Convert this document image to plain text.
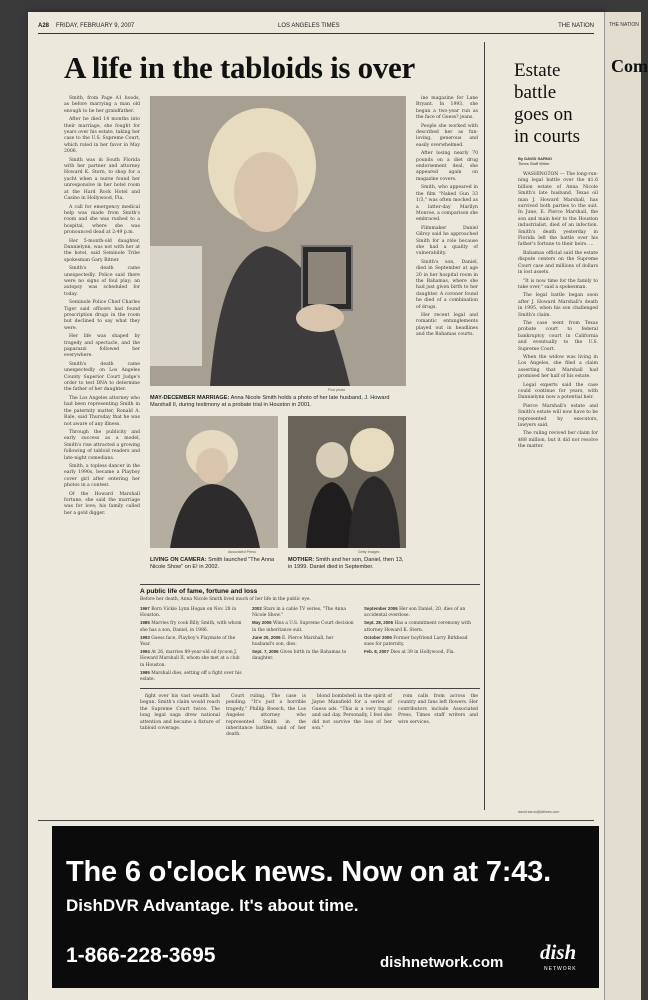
A28 FRIDAY, FEBRUARY 9, 2007	LOS ANGELES TIMES	THE NATION
A life in the tabloids is over	Estate
battle
goes on
in courts
By DAVID SARNO
Times Staff Writer

WASHINGTON — The long-run-ning legal battle over the $1.6 billion estate of Anna Nicole Smith's late husband, Texas oil man J. Howard Marshall, has survived both parties to the suit. In June, E. Pierce Marshall, the son and main heir to the Houston industrialist, died of an infection. Smith's death yesterday in Florida left the battle over his father's fortune to their heirs. ...

Bahamas official said the estate dispute centers on the Supreme Court case and millions of dollars in lost assets.

"It is now time for the family to take over," said a spokesman.

The legal battle began soon after J. Howard Marshall's death in 1995, when his son challenged Smith's claim.

The case went from Texas probate court to federal bankruptcy court in California and eventually to the U.S. Supreme Court.

When the widow was living in Los Angeles, she filed a claim asserting that Marshall had promised her half of his estate.

Legal experts said the case could continue for years, with Dannielynn now a potential heir.

Pierce Marshall's estate and Smith's estate will now have to be represented by executors, lawyers said.

The ruling revived her claim for $88 million, but it did not resolve the matter.

david.sarno@latimes.com

Smith, from Page A1 hoods, as before marrying a man old enough to be her grandfather.

After he died 14 months into their marriage, she fought for years over his estate, taking her case to the U.S. Supreme Court, which ruled in her favor in May 2006.

Smith was in South Florida with her partner and attorney Howard K. Stern, to shop for a yacht when a nurse found her unresponsive in her hotel room at the Hard Rock Hotel and Casino in Hollywood, Fla.

A call for emergency medical help was made from Smith's room and she was rushed to a hospital, where she was pronounced dead at 2:49 p.m.

Her 5-month-old daughter, Dannielynn, was not with her at the hotel, said Seminole Tribe spokesman Gary Bitner.

Smith's death came unexpectedly. Police said there were no signs of foul play; an autopsy was scheduled for today.

Seminole Police Chief Charles Tiger said officers had found prescription drugs in the room but declined to say what they were.

Her life was shaped by tragedy and spectacle, and the paparazzi followed her everywhere.

Smith's death came unexpectedly on Los Angeles County Superior Court Judge's order to test DNA to determine the father of her daughter.

The Los Angeles attorney who had been representing Smith in the paternity matter, Ronald A. Rale, said Thursday that he was not aware of any illness.

Through the publicity and early success as a model, Smith's rise attracted a growing following of tabloid readers and late-night comedians.

Smith, a topless dancer in the early 1990s, became a Playboy cover girl after entering her photos in a contest.

Of the Howard Marshall fortune, she said the marriage was for love; his family called her a gold digger.

Pool photo
MAY-DECEMBER MARRIAGE: Anna Nicole Smith holds a photo of her late husband, J. Howard Marshall II, during testimony at a probate trial in Houston in 2001.

ine magazine for Lane Bryant. In 1993, she began a two-year run as the face of Guess? jeans.

People she worked with described her as fun-loving, generous and easily overwhelmed.

After losing nearly 70 pounds on a diet drug endorsement deal, she appeared again on magazine covers.

Smith, who appeared in the film "Naked Gun 33 1/3," was often mocked as a latter-day Marilyn Monroe, a comparison she embraced.

Filmmaker Daniel Gilroy said he approached Smith for a role because she had a quality of vulnerability.

Smith's son, Daniel, died in September at age 20 in her hospital room in the Bahamas, where she had just given birth to her daughter. A coroner found he died of a combination of drugs.

Her recent legal and romantic entanglements played out in headlines and the Bahamas courts.

Associated Press
LIVING ON CAMERA: Smith launched "The Anna Nicole Show" on E! in 2002.
Getty Images
MOTHER: Smith and her son, Daniel, then 13, in 1999. Daniel died in September.
A public life of fame, fortune and loss
Before her death, Anna Nicole Smith lived much of her life in the public eye.

1967 Born Vickie Lynn Hogan on Nov. 28 in Houston.

1985 Marries fry cook Billy Smith, with whom she has a son, Daniel, in 1986.

1993 Guess face, Playboy's Playmate of the Year.

1994 At 26, marries 89-year-old oil tycoon J. Howard Marshall II, whom she met at a club in Houston.

1995 Marshall dies, setting off a fight over his estate.

2002 Stars in a cable TV series, "The Anna Nicole Show."

May 2006 Wins a U.S. Supreme Court decision in the inheritance suit.

June 20, 2006 E. Pierce Marshall, her husband's son, dies.

Sept. 7, 2006 Gives birth in the Bahamas to daughter.

September 2006 Her son Daniel, 20, dies of an accidental overdose.

Sept. 28, 2006 Has a commitment ceremony with attorney Howard K. Stern.

October 2006 Former boyfriend Larry Birkhead sues for paternity.

Feb. 8, 2007 Dies at 39 in Hollywood, Fla.

fight over his vast wealth had begun. Smith's claim would reach the Supreme Court twice. The long legal saga drew national attention and became a fixture of tabloid coverage.

Court ruling. The case is pending. "It's just a horrible tragedy," Phillip Boesch, the Los Angeles attorney who represented Smith in the inheritance battles, said of her death.

blond bombshell in the spirit of Jayne Mansfield for a series of Guess ads. "This is a very tragic and sad day. Personally, I feel she did not survive the loss of her son."

rom calls from across the country and fans left flowers. Her contributors include Associated Press, Times staff writers and wire services.

The 6 o'clock news. Now on at 7:43.
DishDVR Advantage. It's about time.
1-866-228-3695	dishnetwork.com dish
NETWORK
THE NATION
Com
